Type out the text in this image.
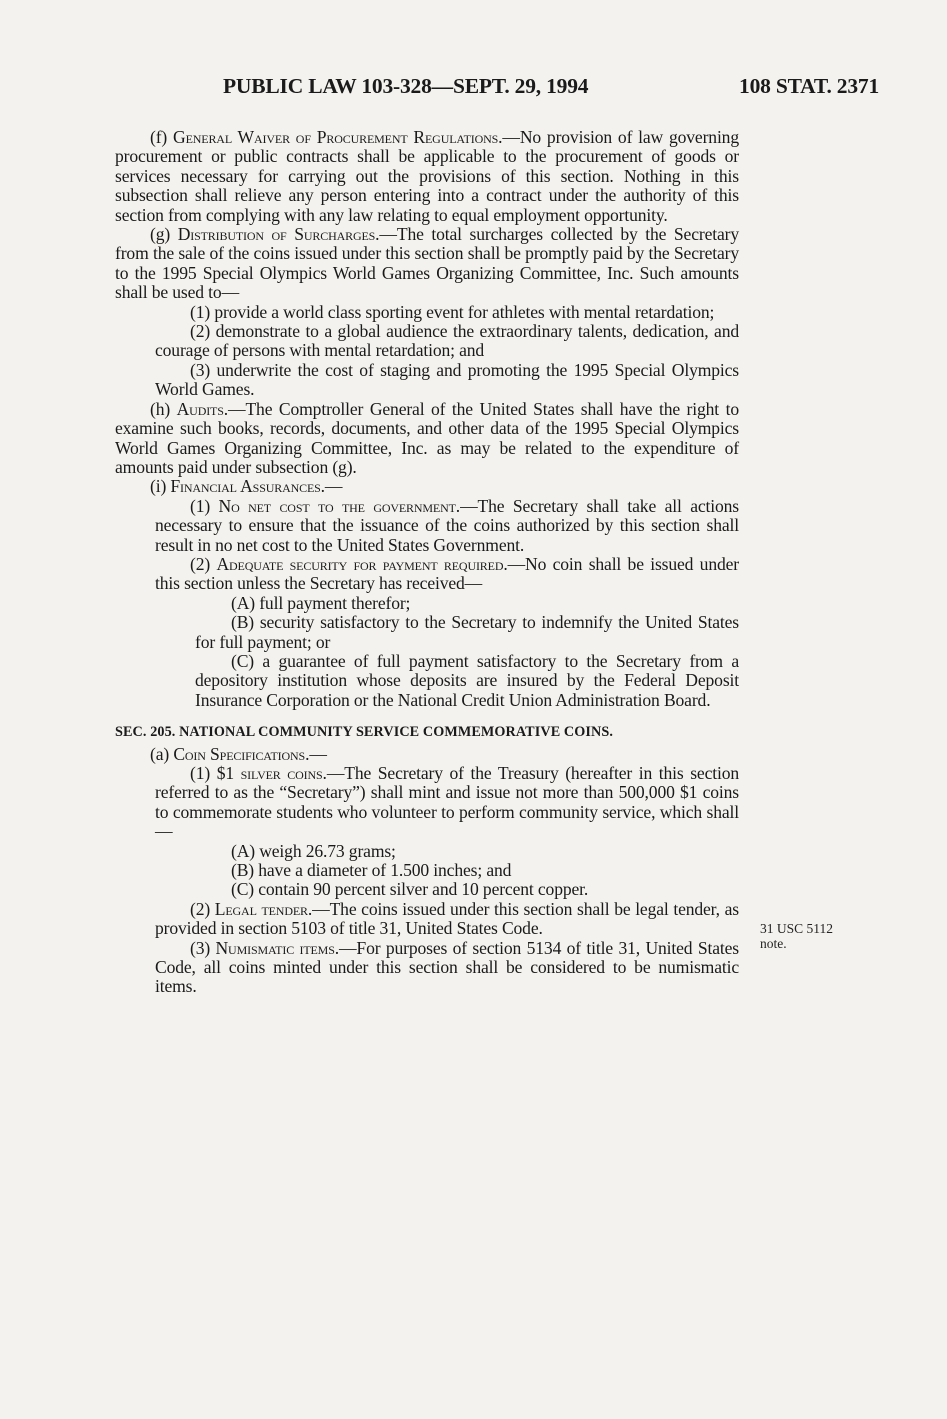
PUBLIC LAW 103-328—SEPT. 29, 1994	108 STAT. 2371

(f) General Waiver of Procurement Regulations.—No provision of law governing procurement or public contracts shall be applicable to the procurement of goods or services necessary for carrying out the provisions of this section. Nothing in this subsection shall relieve any person entering into a contract under the authority of this section from complying with any law relating to equal employment opportunity.

(g) Distribution of Surcharges.—The total surcharges collected by the Secretary from the sale of the coins issued under this section shall be promptly paid by the Secretary to the 1995 Special Olympics World Games Organizing Committee, Inc. Such amounts shall be used to—

(1) provide a world class sporting event for athletes with mental retardation;

(2) demonstrate to a global audience the extraordinary talents, dedication, and courage of persons with mental retardation; and

(3) underwrite the cost of staging and promoting the 1995 Special Olympics World Games.

(h) Audits.—The Comptroller General of the United States shall have the right to examine such books, records, documents, and other data of the 1995 Special Olympics World Games Organizing Committee, Inc. as may be related to the expenditure of amounts paid under subsection (g).

(i) Financial Assurances.—

(1) No net cost to the government.—The Secretary shall take all actions necessary to ensure that the issuance of the coins authorized by this section shall result in no net cost to the United States Government.

(2) Adequate security for payment required.—No coin shall be issued under this section unless the Secretary has received—

(A) full payment therefor;

(B) security satisfactory to the Secretary to indemnify the United States for full payment; or

(C) a guarantee of full payment satisfactory to the Secretary from a depository institution whose deposits are insured by the Federal Deposit Insurance Corporation or the National Credit Union Administration Board.

SEC. 205. NATIONAL COMMUNITY SERVICE COMMEMORATIVE COINS.

(a) Coin Specifications.—

(1) $1 silver coins.—The Secretary of the Treasury (hereafter in this section referred to as the “Secretary”) shall mint and issue not more than 500,000 $1 coins to commemorate students who volunteer to perform community service, which shall—

(A) weigh 26.73 grams;

(B) have a diameter of 1.500 inches; and

(C) contain 90 percent silver and 10 percent copper.

(2) Legal tender.—The coins issued under this section shall be legal tender, as provided in section 5103 of title 31, United States Code.

(3) Numismatic items.—For purposes of section 5134 of title 31, United States Code, all coins minted under this section shall be considered to be numismatic items.

31 USC 5112
note.
